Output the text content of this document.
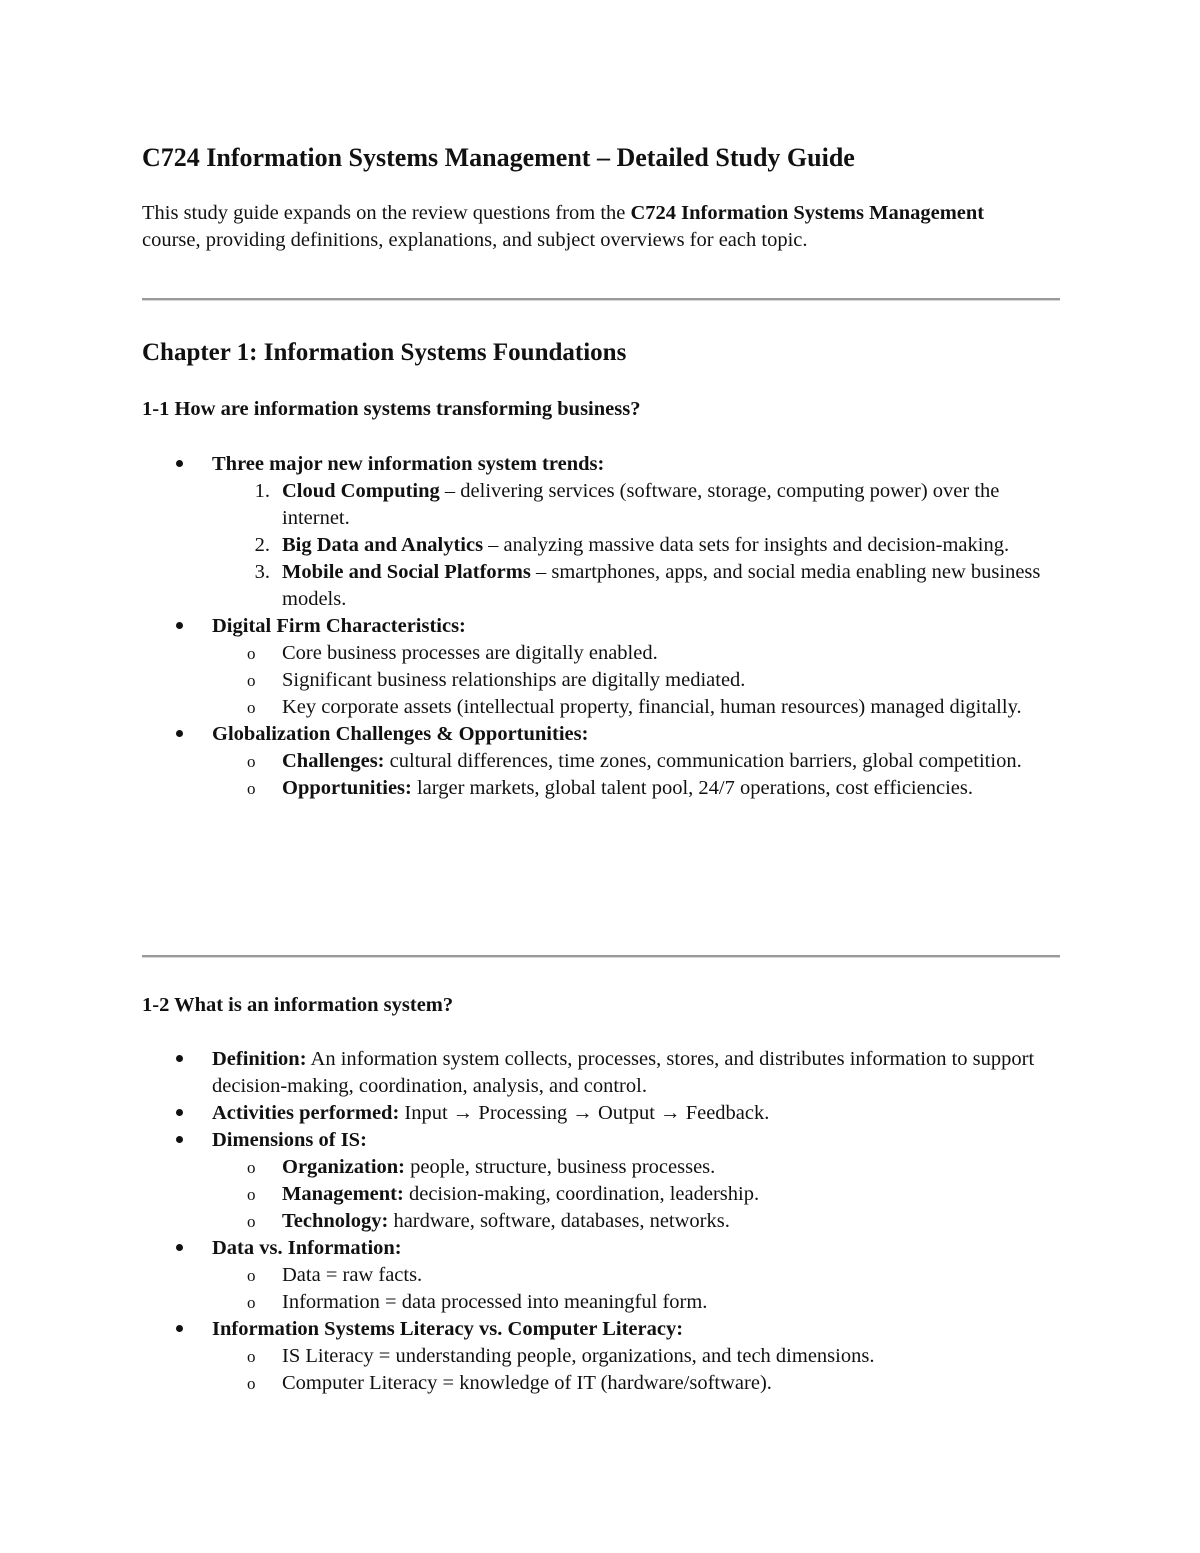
C724 Information Systems Management – Detailed Study Guide

This study guide expands on the review questions from the C724 Information Systems Management course, providing definitions, explanations, and subject overviews for each topic.

Chapter 1: Information Systems Foundations
1-1 How are information systems transforming business?
Three major new information system trends:
1. Cloud Computing – delivering services (software, storage, computing power) over the internet.
2. Big Data and Analytics – analyzing massive data sets for insights and decision-making.
3. Mobile and Social Platforms – smartphones, apps, and social media enabling new business models.
Digital Firm Characteristics:
o	Core business processes are digitally enabled.
o	Significant business relationships are digitally mediated.
o	Key corporate assets (intellectual property, financial, human resources) managed digitally.
Globalization Challenges & Opportunities:
o	Challenges: cultural differences, time zones, communication barriers, global competition.
o	Opportunities: larger markets, global talent pool, 24/7 operations, cost efficiencies.
1-2 What is an information system?
Definition: An information system collects, processes, stores, and distributes information to support decision-making, coordination, analysis, and control.
Activities performed: Input → Processing → Output → Feedback.
Dimensions of IS:
o	Organization: people, structure, business processes.
o	Management: decision-making, coordination, leadership.
o	Technology: hardware, software, databases, networks.
Data vs. Information:
o	Data = raw facts.
o	Information = data processed into meaningful form.
Information Systems Literacy vs. Computer Literacy:
o	IS Literacy = understanding people, organizations, and tech dimensions.
o	Computer Literacy = knowledge of IT (hardware/software).
